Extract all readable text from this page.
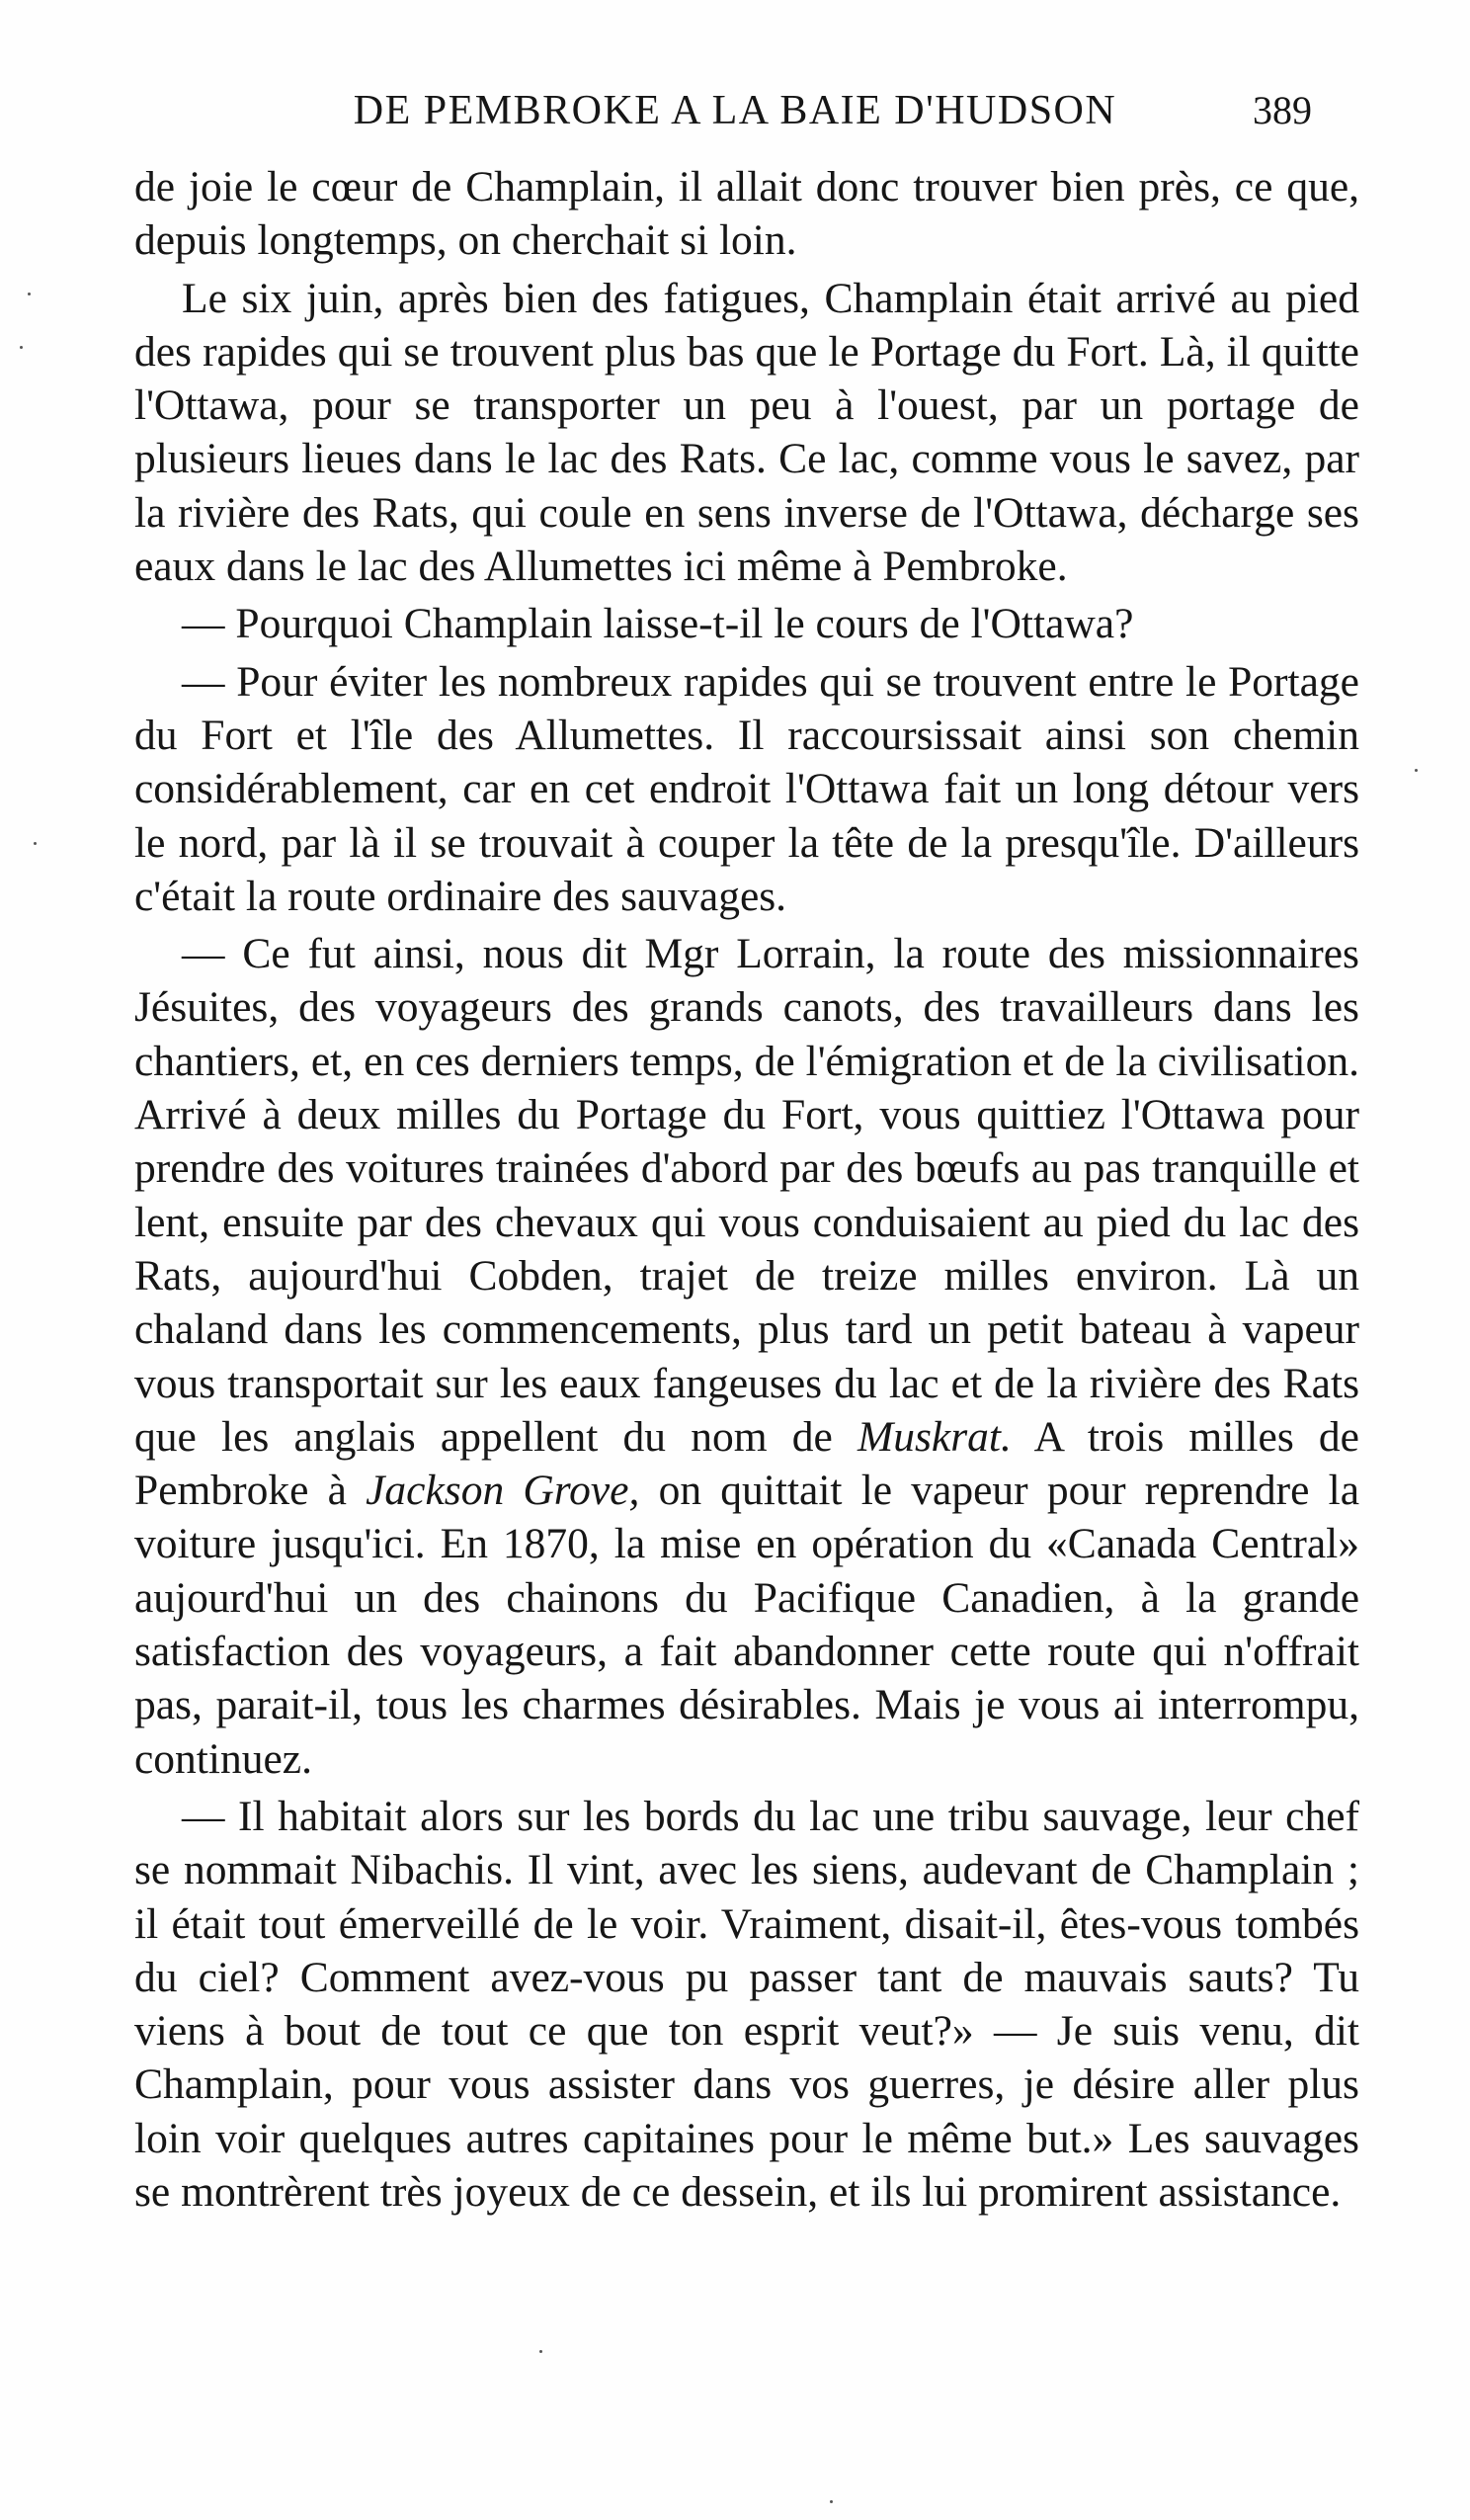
DE PEMBROKE A LA BAIE D'HUDSON	389

de joie le cœur de Champlain, il allait donc trouver bien près, ce que, depuis longtemps, on cherchait si loin.

Le six juin, après bien des fatigues, Champlain était arrivé au pied des rapides qui se trouvent plus bas que le Portage du Fort. Là, il quitte l'Ottawa, pour se transporter un peu à l'ouest, par un portage de plusieurs lieues dans le lac des Rats. Ce lac, comme vous le savez, par la rivière des Rats, qui coule en sens inverse de l'Ottawa, décharge ses eaux dans le lac des Allumettes ici même à Pembroke.

— Pourquoi Champlain laisse-t-il le cours de l'Ottawa?

— Pour éviter les nombreux rapides qui se trouvent entre le Portage du Fort et l'île des Allumettes. Il raccoursissait ainsi son chemin considérablement, car en cet endroit l'Ottawa fait un long détour vers le nord, par là il se trouvait à couper la tête de la presqu'île. D'ailleurs c'était la route ordinaire des sauvages.

— Ce fut ainsi, nous dit Mgr Lorrain, la route des missionnaires Jésuites, des voyageurs des grands canots, des travailleurs dans les chantiers, et, en ces derniers temps, de l'émigration et de la civilisation. Arrivé à deux milles du Portage du Fort, vous quittiez l'Ottawa pour prendre des voitures trainées d'abord par des bœufs au pas tranquille et lent, ensuite par des chevaux qui vous conduisaient au pied du lac des Rats, aujourd'hui Cobden, trajet de treize milles environ. Là un chaland dans les commencements, plus tard un petit bateau à vapeur vous transportait sur les eaux fangeuses du lac et de la rivière des Rats que les anglais appellent du nom de Muskrat. A trois milles de Pembroke à Jackson Grove, on quittait le vapeur pour reprendre la voiture jusqu'ici. En 1870, la mise en opération du «Canada Central» aujourd'hui un des chainons du Pacifique Canadien, à la grande satisfaction des voyageurs, a fait abandonner cette route qui n'offrait pas, parait-il, tous les charmes désirables. Mais je vous ai interrompu, continuez.

— Il habitait alors sur les bords du lac une tribu sauvage, leur chef se nommait Nibachis. Il vint, avec les siens, audevant de Champlain ; il était tout émerveillé de le voir. Vraiment, disait-il, êtes-vous tombés du ciel? Comment avez-vous pu passer tant de mauvais sauts? Tu viens à bout de tout ce que ton esprit veut?» — Je suis venu, dit Champlain, pour vous assister dans vos guerres, je désire aller plus loin voir quelques autres capitaines pour le même but.» Les sauvages se montrèrent très joyeux de ce dessein, et ils lui promirent assistance.
